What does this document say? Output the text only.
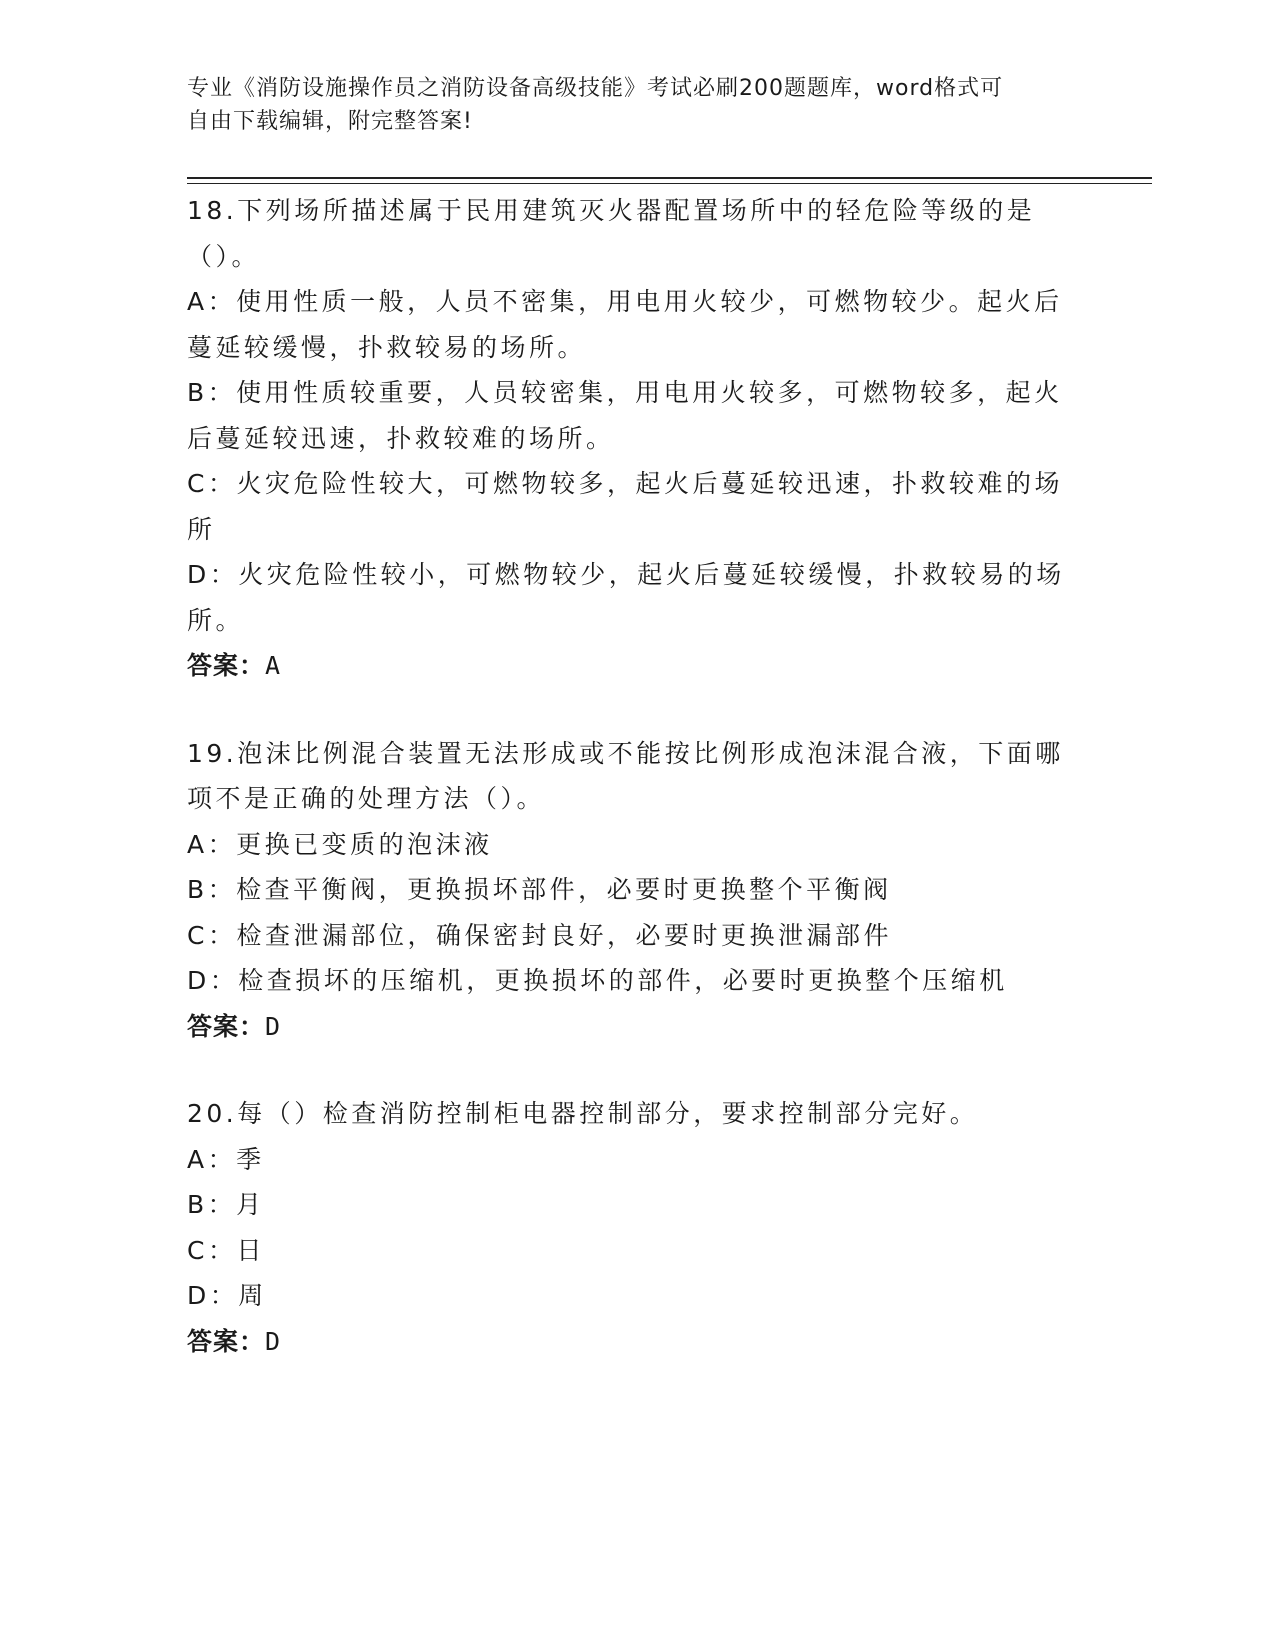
专业《消防设施操作员之消防设备高级技能》考试必刷200题题库，word格式可
自由下载编辑，附完整答案!

18.下列场所描述属于民用建筑灭火器配置场所中的轻危险等级的是（）。

A：使用性质一般，人员不密集，用电用火较少，可燃物较少。起火后蔓延较缓慢，扑救较易的场所。

B：使用性质较重要，人员较密集，用电用火较多，可燃物较多，起火后蔓延较迅速，扑救较难的场所。

C：火灾危险性较大，可燃物较多，起火后蔓延较迅速，扑救较难的场所

D：火灾危险性较小，可燃物较少，起火后蔓延较缓慢，扑救较易的场所。

答案：A

19.泡沫比例混合装置无法形成或不能按比例形成泡沫混合液，下面哪项不是正确的处理方法（）。

A：更换已变质的泡沫液

B：检查平衡阀，更换损坏部件，必要时更换整个平衡阀

C：检查泄漏部位，确保密封良好，必要时更换泄漏部件

D：检查损坏的压缩机，更换损坏的部件，必要时更换整个压缩机

答案：D

20.每（）检查消防控制柜电器控制部分，要求控制部分完好。

A：季

B：月

C：日

D：周

答案：D
